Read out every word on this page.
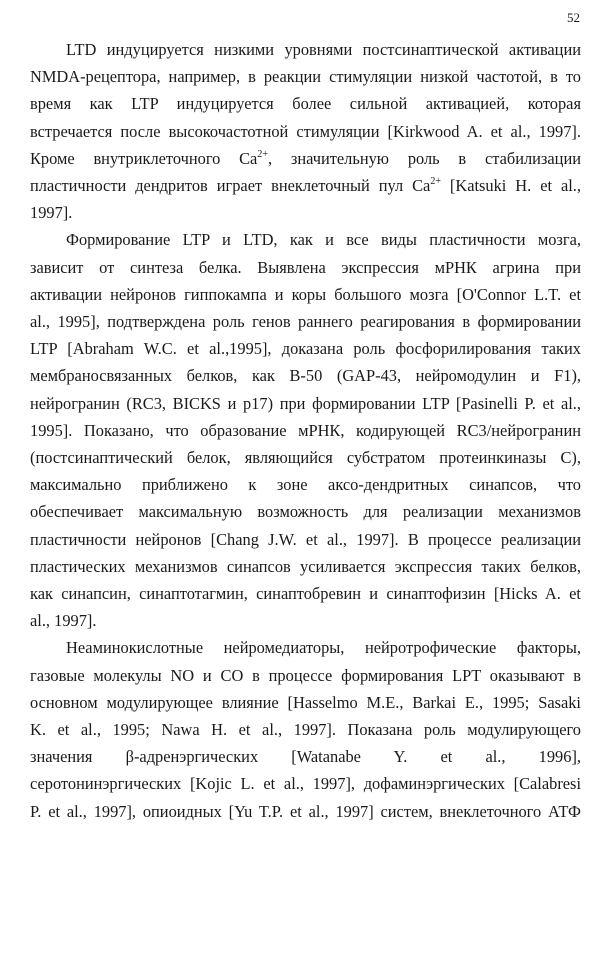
52
LTD индуцируется низкими уровнями постсинаптической активации
NMDA-рецептора, например, в реакции стимуляции низкой частотой, в то
время как LTP индуцируется более сильной активацией, которая
встречается после высокочастотной стимуляции [Kirkwood A. et al., 1997].
Кроме внутриклеточного $Ca^{2+}$, значительную роль в стабилизации
пластичности дендритов играет внеклеточный пул $Ca^{2+}$ [Katsuki H. et al.,
1997].
Формирование LTP и LTD, как и все виды пластичности мозга,
зависит от синтеза белка. Выявлена экспрессия мРНК агрина при
активации нейронов гиппокампа и коры большого мозга [O'Connor L.T. et
al., 1995], подтверждена роль генов раннего реагирования в формировании
LTP [Abraham W.C. et al.,1995], доказана роль фосфорилирования таких
мембраносвязанных белков, как B-50 (GAP-43, нейромодулин и F1),
нейрогранин (RC3, BICKS и p17) при формировании LTP [Pasinelli P. et al.,
1995]. Показано, что образование мРНК, кодирующей RC3/нейрогранин
(постсинаптический белок, являющийся субстратом протеинкиназы C),
максимально приближено к зоне аксо-дендритных синапсов, что
обеспечивает максимальную возможность для реализации механизмов
пластичности нейронов [Chang J.W. et al., 1997]. В процессе реализации
пластических механизмов синапсов усиливается экспрессия таких белков,
как синапсин, синаптотагмин, синаптобревин и синаптофизин [Hicks A. et
al., 1997].
Неаминокислотные нейромедиаторы, нейротрофические факторы,
газовые молекулы NO и CO в процессе формирования LPT оказывают в
основном модулирующее влияние [Hasselmo M.E., Barkai E., 1995; Sasaki
K. et al., 1995; Nawa H. et al., 1997]. Показана роль модулирующего
значения β-адренэргических [Watanabe Y. et al., 1996],
серотонинэргических [Kojic L. et al., 1997], дофаминэргических [Calabresi
P. et al., 1997], опиоидных [Yu T.P. et al., 1997] систем, внеклеточного АТФ
